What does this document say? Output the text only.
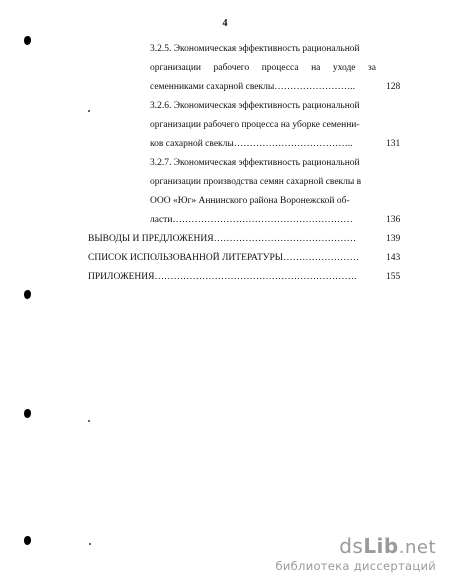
4
3.2.5. Экономическая эффективность рациональной
организации рабочего процесса на уходе за
семенниками сахарной свеклы……………………..	128
3.2.6. Экономическая эффективность рациональной
организации рабочего процесса на уборке семенни-
ков сахарной свеклы………………………………..	131
3.2.7. Экономическая эффективность рациональной
организации производства семян сахарной свеклы в
ООО «Юг» Аннинского района Воронежской об-
ласти…………………………………………………	136
ВЫВОДЫ И ПРЕДЛОЖЕНИЯ………………………………………	139
СПИСОК ИСПОЛЬЗОВАННОЙ ЛИТЕРАТУРЫ……………………	143
ПРИЛОЖЕНИЯ……………………………………………………….	155
dsLib.net
библиотека диссертаций
